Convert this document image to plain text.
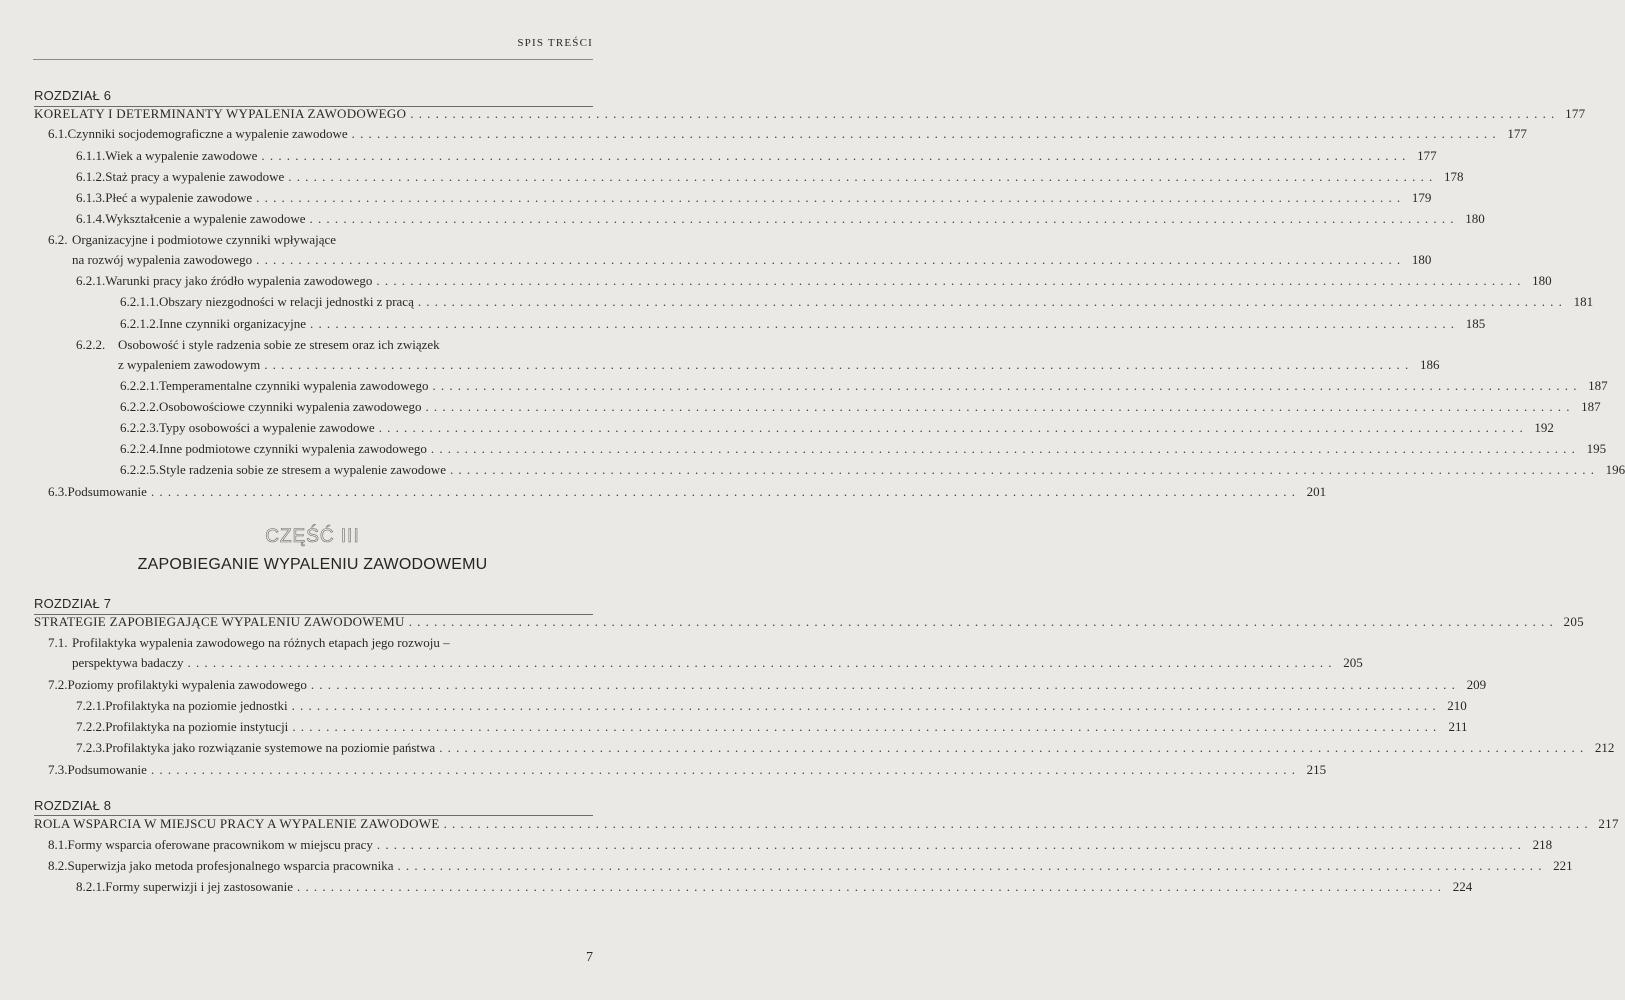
SPIS TREŚCI
ROZDZIAŁ 6
KORELATY I DETERMINANTY WYPALENIA ZAWODOWEGO ........................................................................................................................................ 177
6.1. Czynniki socjodemograficzne a wypalenie zawodowe ........................................................................................................................................ 177
6.1.1. Wiek a wypalenie zawodowe ........................................................................................................................................ 177
6.1.2. Staż pracy a wypalenie zawodowe ........................................................................................................................................ 178
6.1.3. Płeć a wypalenie zawodowe ........................................................................................................................................ 179
6.1.4. Wykształcenie a wypalenie zawodowe ........................................................................................................................................ 180
6.2. Organizacyjne i podmiotowe czynniki wpływające
na rozwój wypalenia zawodowego ........................................................................................................................................ 180
6.2.1. Warunki pracy jako źródło wypalenia zawodowego ........................................................................................................................................ 180
6.2.1.1. Obszary niezgodności w relacji jednostki z pracą ........................................................................................................................................ 181
6.2.1.2. Inne czynniki organizacyjne ........................................................................................................................................ 185
6.2.2. Osobowość i style radzenia sobie ze stresem oraz ich związek
z wypaleniem zawodowym ........................................................................................................................................ 186
6.2.2.1. Temperamentalne czynniki wypalenia zawodowego ........................................................................................................................................ 187
6.2.2.2. Osobowościowe czynniki wypalenia zawodowego ........................................................................................................................................ 187
6.2.2.3. Typy osobowości a wypalenie zawodowe ........................................................................................................................................ 192
6.2.2.4. Inne podmiotowe czynniki wypalenia zawodowego ........................................................................................................................................ 195
6.2.2.5. Style radzenia sobie ze stresem a wypalenie zawodowe ........................................................................................................................................ 196
6.3. Podsumowanie ........................................................................................................................................ 201
CZĘŚĆ III
ZAPOBIEGANIE WYPALENIU ZAWODOWEMU
ROZDZIAŁ 7
STRATEGIE ZAPOBIEGAJĄCE WYPALENIU ZAWODOWEMU ........................................................................................................................................ 205
7.1. Profilaktyka wypalenia zawodowego na różnych etapach jego rozwoju –
perspektywa badaczy ........................................................................................................................................ 205
7.2. Poziomy profilaktyki wypalenia zawodowego ........................................................................................................................................ 209
7.2.1. Profilaktyka na poziomie jednostki ........................................................................................................................................ 210
7.2.2. Profilaktyka na poziomie instytucji ........................................................................................................................................ 211
7.2.3. Profilaktyka jako rozwiązanie systemowe na poziomie państwa ........................................................................................................................................ 212
7.3. Podsumowanie ........................................................................................................................................ 215
ROZDZIAŁ 8
ROLA WSPARCIA W MIEJSCU PRACY A WYPALENIE ZAWODOWE ........................................................................................................................................ 217
8.1. Formy wsparcia oferowane pracownikom w miejscu pracy ........................................................................................................................................ 218
8.2. Superwizja jako metoda profesjonalnego wsparcia pracownika ........................................................................................................................................ 221
8.2.1. Formy superwizji i jej zastosowanie ........................................................................................................................................ 224
7
